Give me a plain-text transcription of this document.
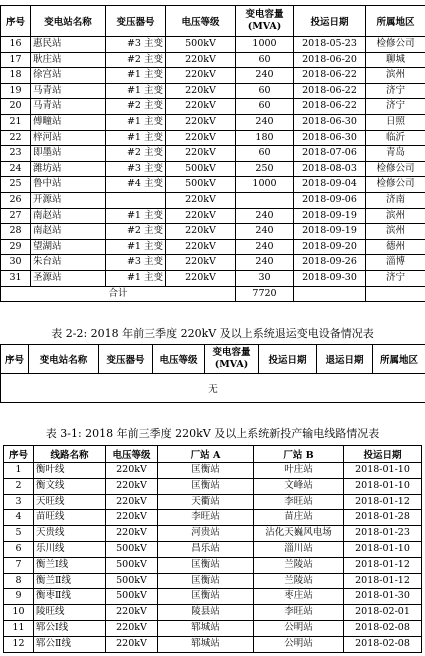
序号	变电站名称	变压器号	电压等级	变电容量
(MVA)	投运日期	所属地区
16	惠民站	#3 主变	500kV	1000	2018-05-23	检修公司
17	耿庄站	#2 主变	220kV	60	2018-06-20	聊城
18	徐宫站	#1 主变	220kV	240	2018-06-22	滨州
19	马青站	#1 主变	220kV	60	2018-06-22	济宁
20	马青站	#2 主变	220kV	60	2018-06-22	济宁
21	傅疃站	#1 主变	220kV	240	2018-06-30	日照
22	梓河站	#1 主变	220kV	180	2018-06-30	临沂
23	即墨站	#2 主变	220kV	60	2018-07-06	青岛
24	潍坊站	#3 主变	500kV	250	2018-08-03	检修公司
25	鲁中站	#4 主变	500kV	1000	2018-09-04	检修公司
26	开源站		220kV		2018-09-06	济南
27	南赵站	#1 主变	220kV	240	2018-09-19	滨州
28	南赵站	#2 主变	220kV	240	2018-09-19	滨州
29	望湖站	#1 主变	220kV	240	2018-09-20	德州
30	朱台站	#3 主变	220kV	240	2018-09-26	淄博
31	圣源站	#1 主变	220kV	30	2018-09-30	济宁
合计				7720		
表 2-2: 2018 年前三季度 220kV 及以上系统退运变电设备情况表
序号	变电站名称	变压器号	电压等级	变电容量
(MVA)	投运日期	退运日期	所属地区
无
表 3-1: 2018 年前三季度 220kV 及以上系统新投产输电线路情况表
序号	线路名称	电压等级	厂站 A	厂站 B	投运日期
1	衡叶线	220kV	匡衡站	叶庄站	2018-01-10
2	衡文线	220kV	匡衡站	文峰站	2018-01-10
3	天旺线	220kV	天衢站	李旺站	2018-01-12
4	苗旺线	220kV	李旺站	苗庄站	2018-01-28
5	天贵线	220kV	河贵站	沾化天巍风电场	2018-01-23
6	乐川线	500kV	昌乐站	淄川站	2018-01-10
7	衡兰Ⅰ线	500kV	匡衡站	兰陵站	2018-01-12
8	衡兰Ⅱ线	500kV	匡衡站	兰陵站	2018-01-12
9	衡枣Ⅱ线	500kV	匡衡站	枣庄站	2018-01-30
10	陵旺线	220kV	陵县站	李旺站	2018-02-01
11	郓公Ⅰ线	220kV	郓城站	公明站	2018-02-08
12	郓公Ⅱ线	220kV	郓城站	公明站	2018-02-08
